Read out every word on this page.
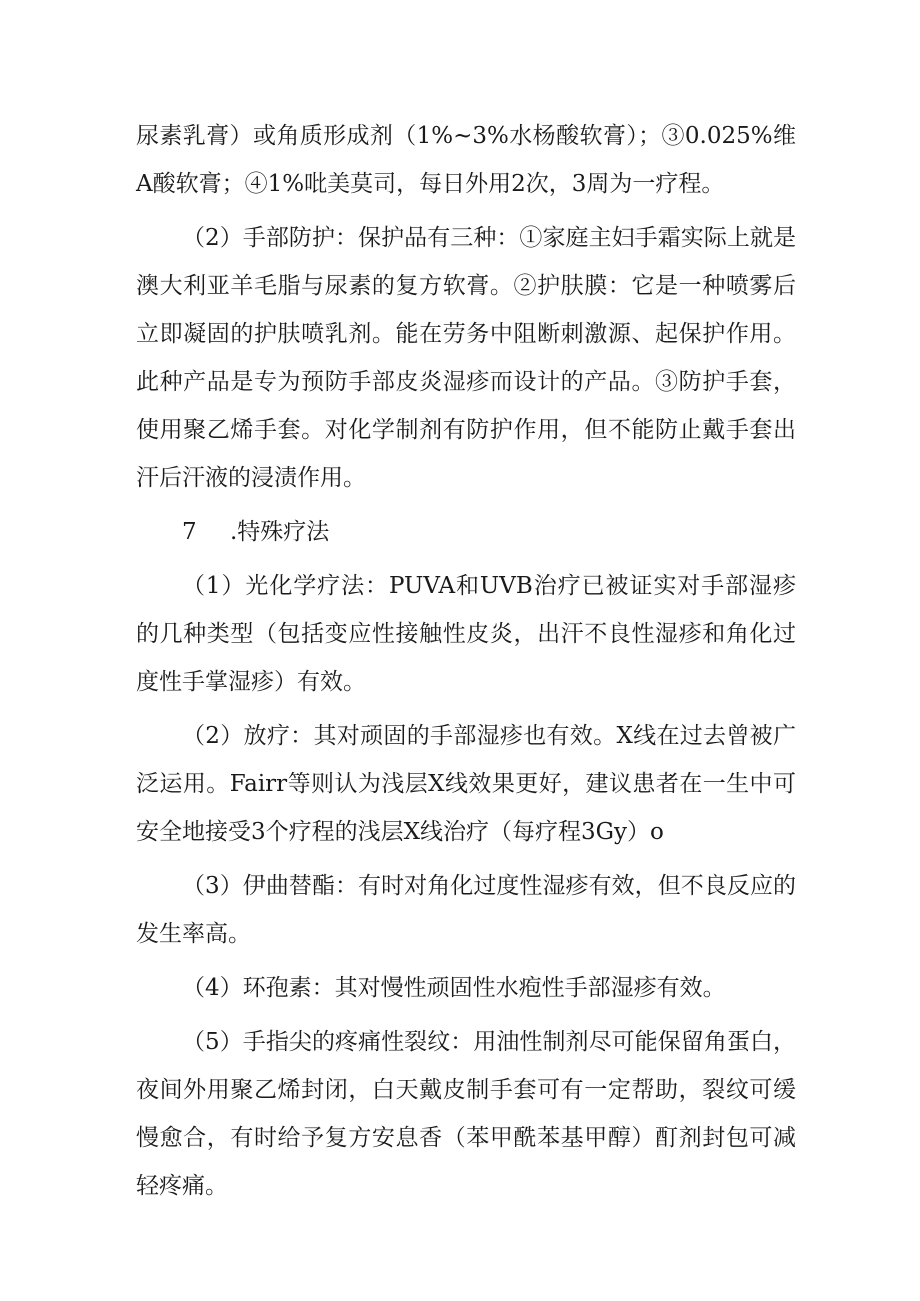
尿素乳膏）或角质形成剂（1%~3%水杨酸软膏）；③0.025%维A酸软膏；④1%吡美莫司，每日外用2次，3周为一疗程。

（2）手部防护：保护品有三种：①家庭主妇手霜实际上就是澳大利亚羊毛脂与尿素的复方软膏。②护肤膜：它是一种喷雾后立即凝固的护肤喷乳剂。能在劳务中阻断刺激源、起保护作用。此种产品是专为预防手部皮炎湿疹而设计的产品。③防护手套，使用聚乙烯手套。对化学制剂有防护作用，但不能防止戴手套出汗后汗液的浸渍作用。

7 .特殊疗法

（1）光化学疗法：PUVA和UVB治疗已被证实对手部湿疹的几种类型（包括变应性接触性皮炎，出汗不良性湿疹和角化过度性手掌湿疹）有效。

（2）放疗：其对顽固的手部湿疹也有效。X线在过去曾被广泛运用。Fairr等则认为浅层X线效果更好，建议患者在一生中可安全地接受3个疗程的浅层X线治疗（每疗程3Gy）o

（3）伊曲替酯：有时对角化过度性湿疹有效，但不良反应的发生率高。

（4）环孢素：其对慢性顽固性水疱性手部湿疹有效。

（5）手指尖的疼痛性裂纹：用油性制剂尽可能保留角蛋白，夜间外用聚乙烯封闭，白天戴皮制手套可有一定帮助，裂纹可缓慢愈合，有时给予复方安息香（苯甲酰苯基甲醇）酊剂封包可减轻疼痛。
